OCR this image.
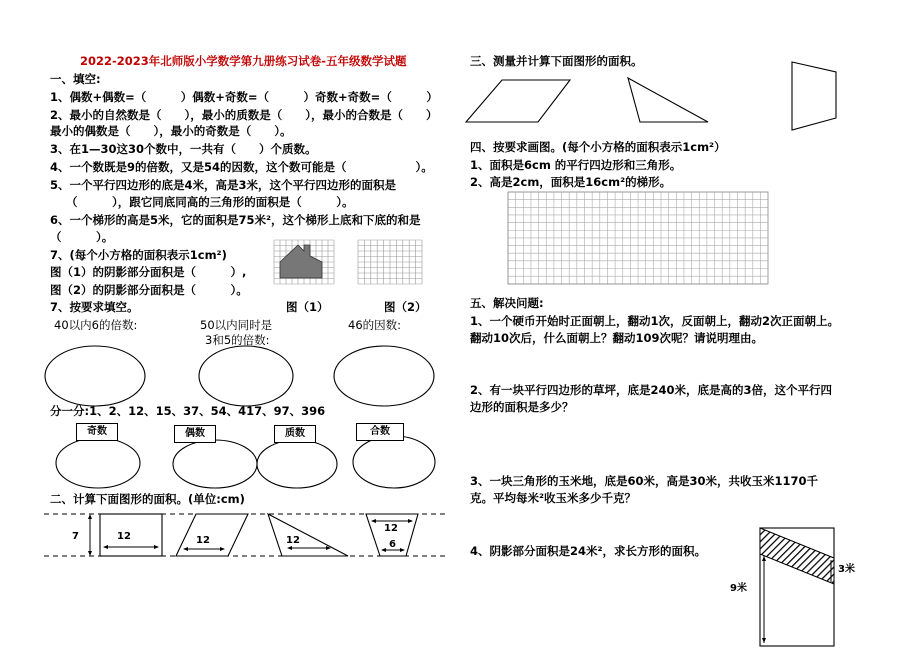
2022-2023年北师版小学数学第九册练习试卷-五年级数学试题
一、填空:
1、偶数+偶数=（　　　）偶数+奇数=（　　　）奇数+奇数=（　　　）
2、最小的自然数是（　　），最小的质数是（　　），最小的合数是（　　）
最小的偶数是（　　），最小的奇数是（　　）。
3、在1—30这30个数中，一共有（　　）个质数。
4、一个数既是9的倍数，又是54的因数，这个数可能是（　　　　　　）。
5、一个平行四边形的底是4米，高是3米，这个平行四边形的面积是
（　　　），跟它同底同高的三角形的面积是（　　　）。
6、一个梯形的高是5米，它的面积是75米²，这个梯形上底和下底的和是
（　　　）。
7、(每个小方格的面积表示1cm²)
图（1）的阴影部分面积是（　　　）,
图（2）的阴影部分面积是（　　　）。
7、按要求填空。	图（1）	图（2）
40以内6的倍数:	50以内同时是
3和5的倍数:
46的因数:
分一分:1、2、12、15、37、54、417、97、396
奇数	偶数	质数	合数
二、计算下面图形的面积。(单位:cm)
7	12	12	12
12
6
三、测量并计算下面图形的面积。
四、按要求画图。(每个小方格的面积表示1cm²）
1、面积是6cm 的平行四边形和三角形。
2、高是2cm，面积是16cm²的梯形。
五、解决问题:
1、一个硬币开始时正面朝上，翻动1次，反面朝上，翻动2次正面朝上。
翻动10次后，什么面朝上？翻动109次呢？请说明理由。
2、有一块平行四边形的草坪，底是240米，底是高的3倍，这个平行四
边形的面积是多少？
3、一块三角形的玉米地，底是60米，高是30米，共收玉米1170千
克。平均每米²收玉米多少千克？
4、阴影部分面积是24米²，求长方形的面积。
3米
9米
